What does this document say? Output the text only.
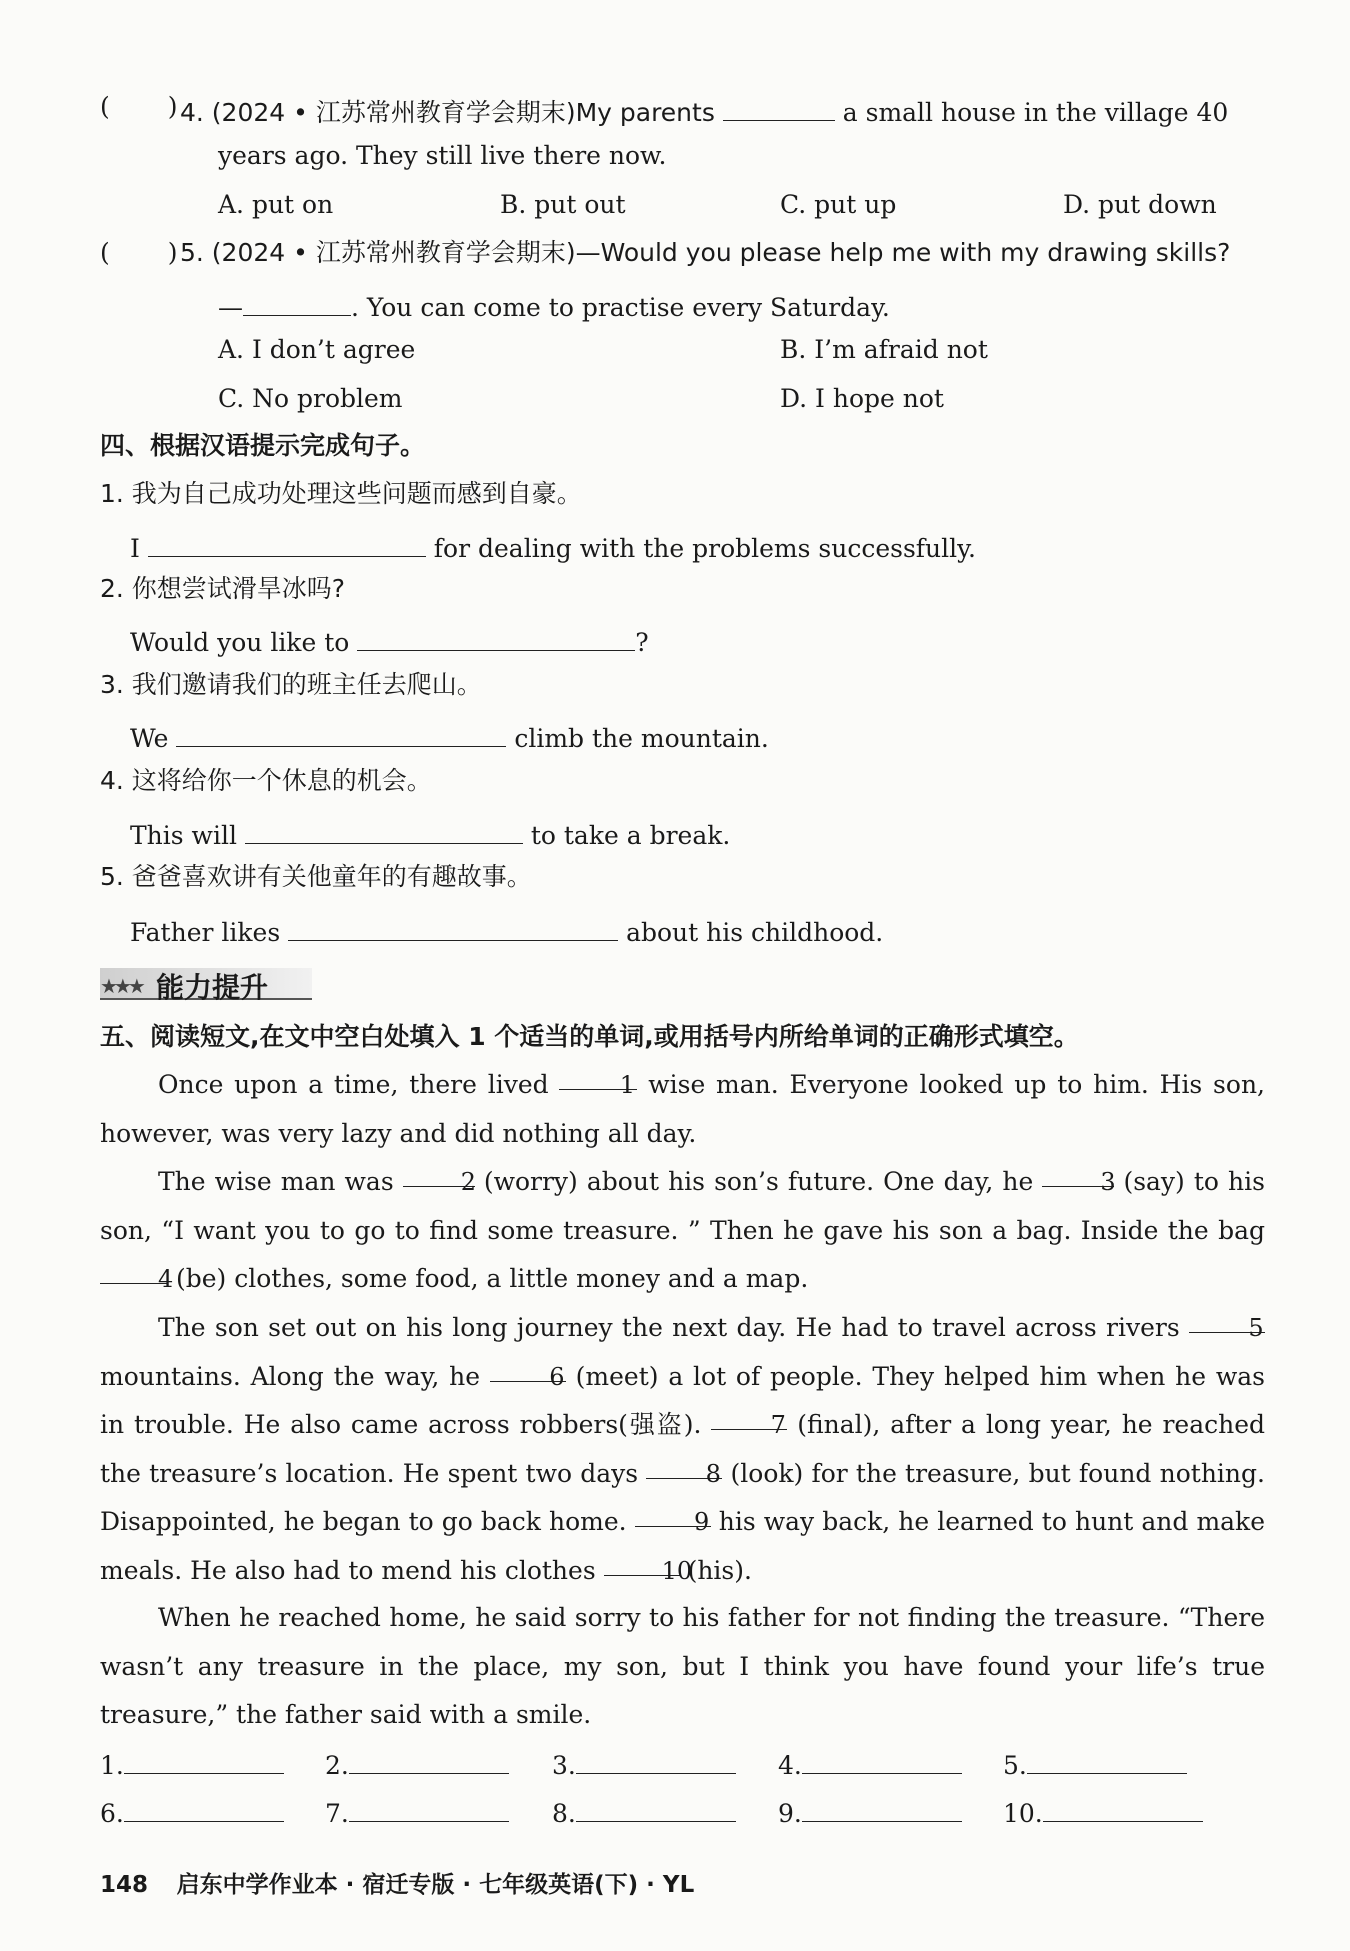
( ) 4. (2024 • 江苏常州教育学会期末)My parents	a small house in the village 40
years ago. They still live there now.
A. put on	B. put out	C. put up	D. put down
( ) 5. (2024 • 江苏常州教育学会期末)—Would you please help me with my drawing skills?
—	. You can come to practise every Saturday.
A. I don’t agree	B. I’m afraid not
C. No problem	D. I hope not
四、根据汉语提示完成句子。
1. 我为自己成功处理这些问题而感到自豪。
I	for dealing with the problems successfully.
2. 你想尝试滑旱冰吗?
Would you like to	?
3. 我们邀请我们的班主任去爬山。
We	climb the mountain.
4. 这将给你一个休息的机会。
This will	to take a break.
5. 爸爸喜欢讲有关他童年的有趣故事。
Father likes	about his childhood.
★★★ 能力提升
五、阅读短文,在文中空白处填入 1 个适当的单词,或用括号内所给单词的正确形式填空。
Once upon a time, there lived	1 wise man. Everyone looked up to him. His son, however, was very lazy and did nothing all day.
The wise man was	2 (worry) about his son’s future. One day, he	3 (say) to his son, “I want you to go to find some treasure. ” Then he gave his son a bag. Inside the bag 4 (be) clothes, some food, a little money and a map.
The son set out on his long journey the next day. He had to travel across rivers	5 mountains. Along the way, he	6 (meet) a lot of people. They helped him when he was in trouble. He also came across robbers(强盗).	7 (final), after a long year, he reached the treasure’s location. He spent two days	8 (look) for the treasure, but found nothing. Disappointed, he began to go back home.	9 his way back, he learned to hunt and make meals. He also had to mend his clothes	10 (his).
When he reached home, he said sorry to his father for not finding the treasure. “There wasn’t any treasure in the place, my son, but I think you have found your life’s true treasure,” the father said with a smile.
1.	2.	3.	4.	5.
6.	7.	8.	9.	10.
148 启东中学作业本 · 宿迁专版 · 七年级英语(下) · YL
